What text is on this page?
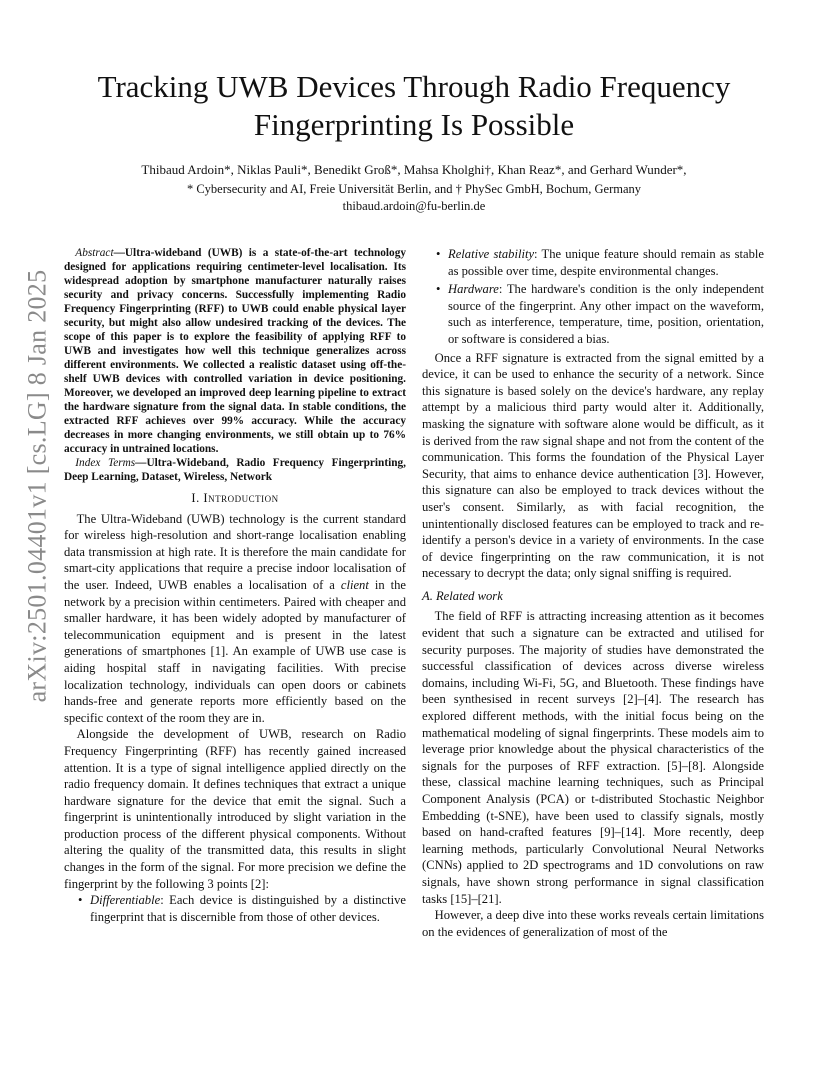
arXiv:2501.04401v1 [cs.LG] 8 Jan 2025
Tracking UWB Devices Through Radio Frequency Fingerprinting Is Possible
Thibaud Ardoin*, Niklas Pauli*, Benedikt Groß*, Mahsa Kholghi†, Khan Reaz*, and Gerhard Wunder*,
* Cybersecurity and AI, Freie Universität Berlin, and † PhySec GmbH, Bochum, Germany
thibaud.ardoin@fu-berlin.de

Abstract—Ultra-wideband (UWB) is a state-of-the-art technology designed for applications requiring centimeter-level localisation. Its widespread adoption by smartphone manufacturer naturally raises security and privacy concerns. Successfully implementing Radio Frequency Fingerprinting (RFF) to UWB could enable physical layer security, but might also allow undesired tracking of the devices. The scope of this paper is to explore the feasibility of applying RFF to UWB and investigates how well this technique generalizes across different environments. We collected a realistic dataset using off-the-shelf UWB devices with controlled variation in device positioning. Moreover, we developed an improved deep learning pipeline to extract the hardware signature from the signal data. In stable conditions, the extracted RFF achieves over 99% accuracy. While the accuracy decreases in more changing environments, we still obtain up to 76% accuracy in untrained locations.

Index Terms—Ultra-Wideband, Radio Frequency Fingerprinting, Deep Learning, Dataset, Wireless, Network

I. Introduction

The Ultra-Wideband (UWB) technology is the current standard for wireless high-resolution and short-range localisation enabling data transmission at high rate. It is therefore the main candidate for smart-city applications that require a precise indoor localisation of the user. Indeed, UWB enables a localisation of a client in the network by a precision within centimeters. Paired with cheaper and smaller hardware, it has been widely adopted by manufacturer of telecommunication equipment and is present in the latest generations of smartphones [1]. An example of UWB use case is aiding hospital staff in navigating facilities. With precise localization technology, individuals can open doors or cabinets hands-free and generate reports more efficiently based on the specific context of the room they are in.

Alongside the development of UWB, research on Radio Frequency Fingerprinting (RFF) has recently gained increased attention. It is a type of signal intelligence applied directly on the radio frequency domain. It defines techniques that extract a unique hardware signature for the device that emit the signal. Such a fingerprint is unintentionally introduced by slight variation in the production process of the different physical components. Without altering the quality of the transmitted data, this results in slight changes in the form of the signal. For more precision we define the fingerprint by the following 3 points [2]:

• Differentiable: Each device is distinguished by a distinctive fingerprint that is discernible from those of other devices.
• Relative stability: The unique feature should remain as stable as possible over time, despite environmental changes.
• Hardware: The hardware's condition is the only independent source of the fingerprint. Any other impact on the waveform, such as interference, temperature, time, position, orientation, or software is considered a bias.

Once a RFF signature is extracted from the signal emitted by a device, it can be used to enhance the security of a network. Since this signature is based solely on the device's hardware, any replay attempt by a malicious third party would alter it. Additionally, masking the signature with software alone would be difficult, as it is derived from the raw signal shape and not from the content of the communication. This forms the foundation of the Physical Layer Security, that aims to enhance device authentication [3]. However, this signature can also be employed to track devices without the user's consent. Similarly, as with facial recognition, the unintentionally disclosed features can be employed to track and re-identify a person's device in a variety of environments. In the case of device fingerprinting on the raw communication, it is not necessary to decrypt the data; only signal sniffing is required.

A. Related work

The field of RFF is attracting increasing attention as it becomes evident that such a signature can be extracted and utilised for security purposes. The majority of studies have demonstrated the successful classification of devices across diverse wireless domains, including Wi-Fi, 5G, and Bluetooth. These findings have been synthesised in recent surveys [2]–[4]. The research has explored different methods, with the initial focus being on the mathematical modeling of signal fingerprints. These models aim to leverage prior knowledge about the physical characteristics of the signals for the purposes of RFF extraction. [5]–[8]. Alongside these, classical machine learning techniques, such as Principal Component Analysis (PCA) or t-distributed Stochastic Neighbor Embedding (t-SNE), have been used to classify signals, mostly based on hand-crafted features [9]–[14]. More recently, deep learning methods, particularly Convolutional Neural Networks (CNNs) applied to 2D spectrograms and 1D convolutions on raw signals, have shown strong performance in signal classification tasks [15]–[21].

However, a deep dive into these works reveals certain limitations on the evidences of generalization of most of the
